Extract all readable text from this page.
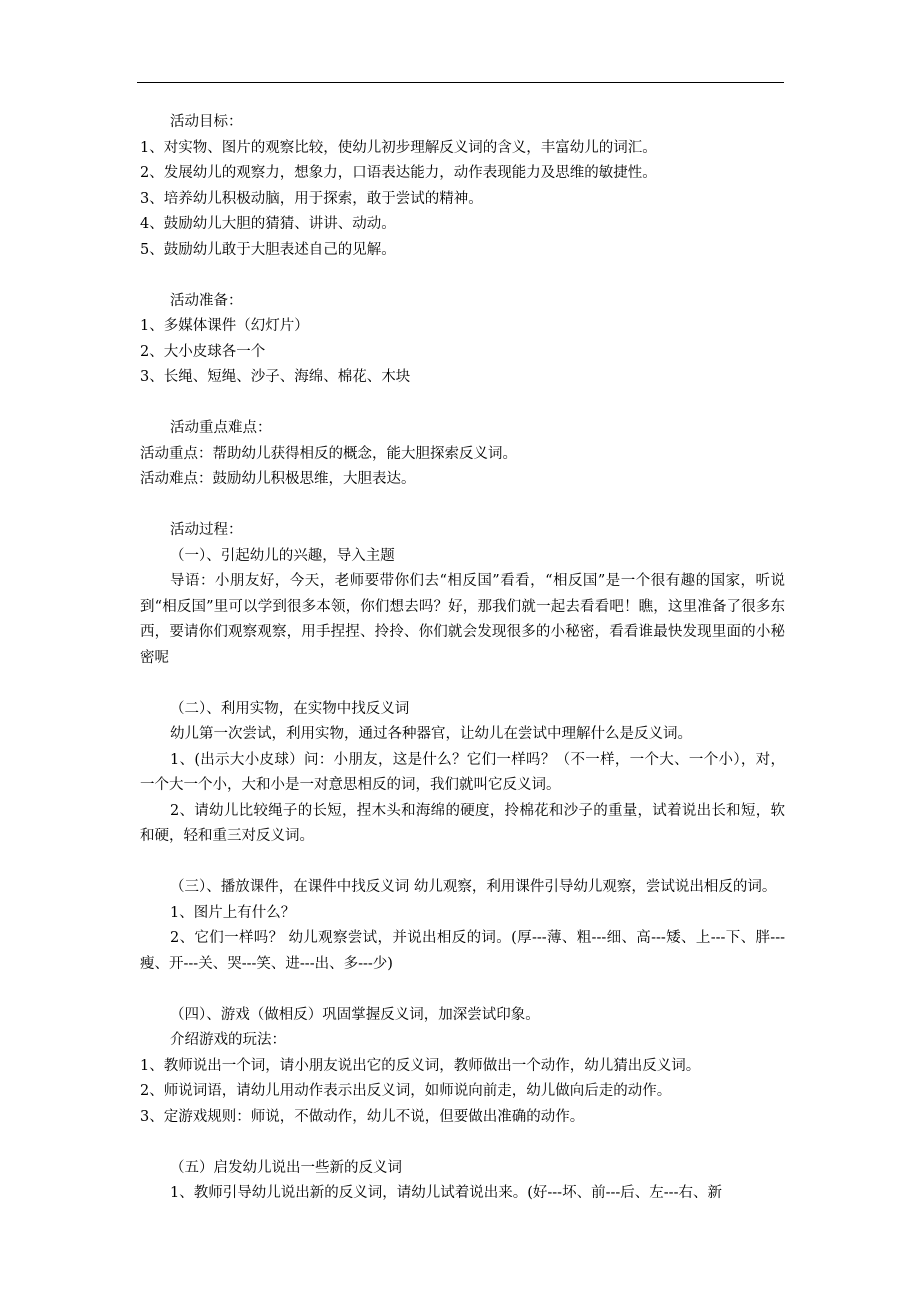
活动目标：
1、对实物、图片的观察比较，使幼儿初步理解反义词的含义，丰富幼儿的词汇。
2、发展幼儿的观察力，想象力，口语表达能力，动作表现能力及思维的敏捷性。
3、培养幼儿积极动脑，用于探索，敢于尝试的精神。
4、鼓励幼儿大胆的猜猜、讲讲、动动。
5、鼓励幼儿敢于大胆表述自己的见解。
活动准备：
1、多媒体课件（幻灯片）
2、大小皮球各一个
3、长绳、短绳、沙子、海绵、棉花、木块
活动重点难点：
活动重点：帮助幼儿获得相反的概念，能大胆探索反义词。
活动难点：鼓励幼儿积极思维，大胆表达。
活动过程：
（一）、引起幼儿的兴趣，导入主题
导语：小朋友好，今天，老师要带你们去“相反国”看看，“相反国”是一个很有趣的国家，听说到“相反国”里可以学到很多本领，你们想去吗？好，那我们就一起去看看吧！瞧，这里准备了很多东西，要请你们观察观察，用手捏捏、拎拎、你们就会发现很多的小秘密，看看谁最快发现里面的小秘密呢
（二）、利用实物，在实物中找反义词
幼儿第一次尝试，利用实物，通过各种器官，让幼儿在尝试中理解什么是反义词。
1、(出示大小皮球）问：小朋友，这是什么？它们一样吗？（不一样，一个大、一个小），对，一个大一个小，大和小是一对意思相反的词，我们就叫它反义词。
2、请幼儿比较绳子的长短，捏木头和海绵的硬度，拎棉花和沙子的重量，试着说出长和短，软和硬，轻和重三对反义词。
（三）、播放课件，在课件中找反义词 幼儿观察，利用课件引导幼儿观察，尝试说出相反的词。
1、图片上有什么？
2、它们一样吗？ 幼儿观察尝试，并说出相反的词。(厚---薄、粗---细、高---矮、上---下、胖---瘦、开---关、哭---笑、进---出、多---少)
（四）、游戏（做相反）巩固掌握反义词，加深尝试印象。
介绍游戏的玩法：
1、教师说出一个词，请小朋友说出它的反义词，教师做出一个动作，幼儿猜出反义词。
2、师说词语，请幼儿用动作表示出反义词，如师说向前走，幼儿做向后走的动作。
3、定游戏规则：师说，不做动作，幼儿不说，但要做出准确的动作。
（五）启发幼儿说出一些新的反义词
1、教师引导幼儿说出新的反义词，请幼儿试着说出来。(好---坏、前---后、左---右、新
